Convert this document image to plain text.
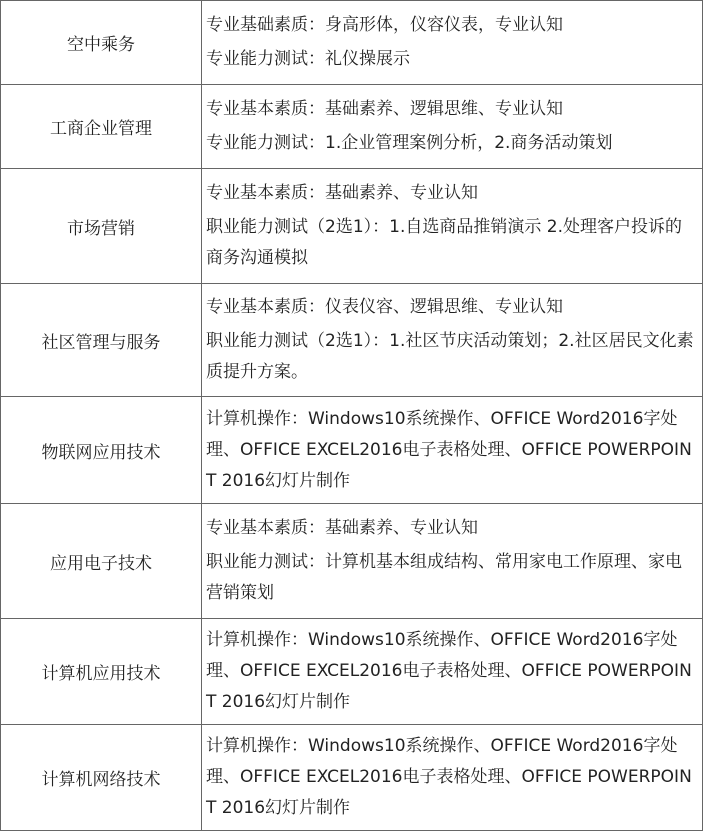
空中乘务	专业基础素质：身高形体，仪容仪表，专业认知
专业能力测试：礼仪操展示

工商企业管理	专业基本素质：基础素养、逻辑思维、专业认知
专业能力测试：1.企业管理案例分析，2.商务活动策划

市场营销	专业基本素质：基础素养、专业认知
职业能力测试（2选1）：1.自选商品推销演示 2.处理客户投诉的商务沟通模拟

社区管理与服务	专业基本素质：仪表仪容、逻辑思维、专业认知
职业能力测试（2选1）：1.社区节庆活动策划；2.社区居民文化素质提升方案。

物联网应用技术	计算机操作：Windows10系统操作、OFFICE Word2016字处理、OFFICE EXCEL2016电子表格处理、OFFICE POWERPOINT 2016幻灯片制作

应用电子技术	专业基本素质：基础素养、专业认知
职业能力测试：计算机基本组成结构、常用家电工作原理、家电营销策划

计算机应用技术	计算机操作：Windows10系统操作、OFFICE Word2016字处理、OFFICE EXCEL2016电子表格处理、OFFICE POWERPOINT 2016幻灯片制作

计算机网络技术	计算机操作：Windows10系统操作、OFFICE Word2016字处理、OFFICE EXCEL2016电子表格处理、OFFICE POWERPOINT 2016幻灯片制作
